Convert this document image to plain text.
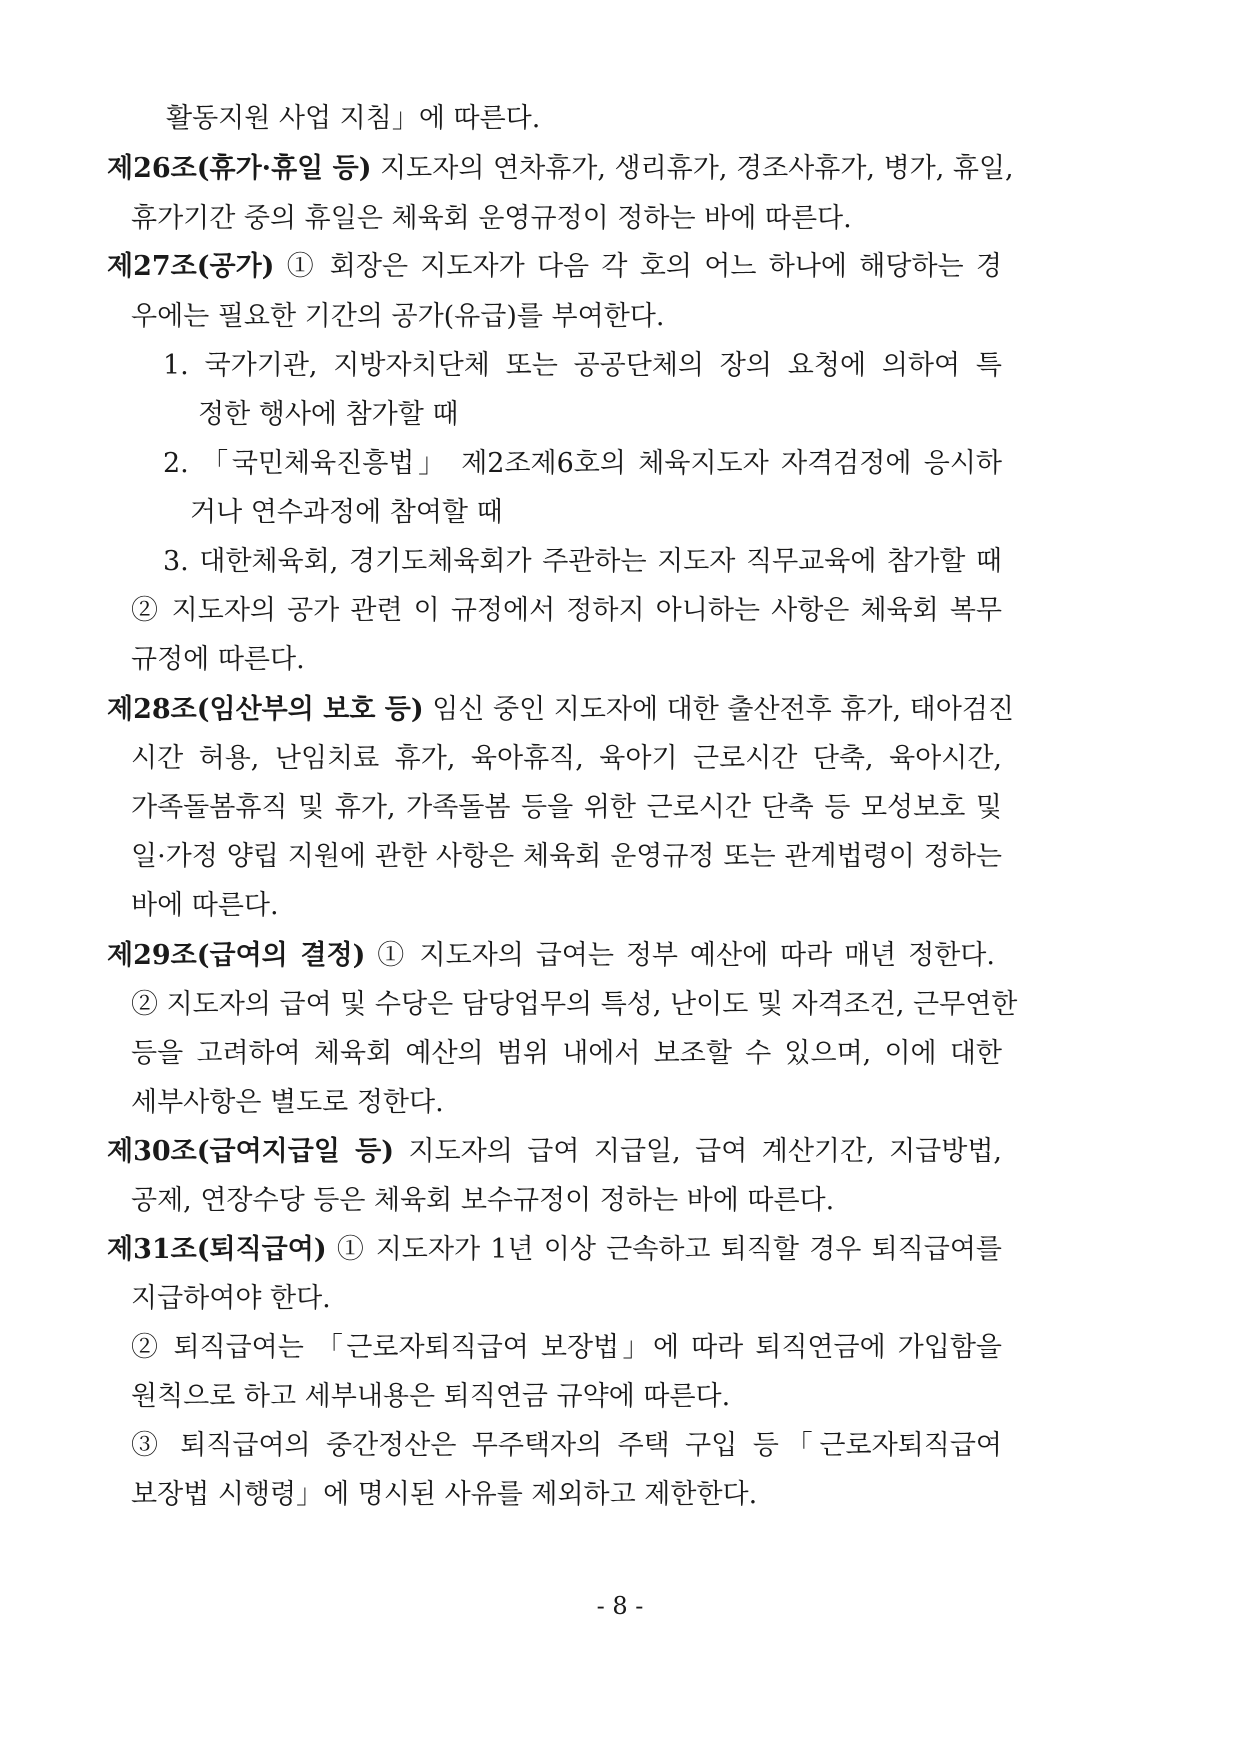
활동지원 사업 지침」에 따른다.
제26조(휴가·휴일 등) 지도자의 연차휴가, 생리휴가, 경조사휴가, 병가, 휴일,
휴가기간 중의 휴일은 체육회 운영규정이 정하는 바에 따른다.
제27조(공가) ① 회장은 지도자가 다음 각 호의 어느 하나에 해당하는 경
우에는 필요한 기간의 공가(유급)를 부여한다.
1. 국가기관, 지방자치단체 또는 공공단체의 장의 요청에 의하여 특
정한 행사에 참가할 때
2. 「국민체육진흥법」 제2조제6호의 체육지도자 자격검정에 응시하
거나 연수과정에 참여할 때
3. 대한체육회, 경기도체육회가 주관하는 지도자 직무교육에 참가할 때
② 지도자의 공가 관련 이 규정에서 정하지 아니하는 사항은 체육회 복무
규정에 따른다.
제28조(임산부의 보호 등) 임신 중인 지도자에 대한 출산전후 휴가, 태아검진
시간 허용, 난임치료 휴가, 육아휴직, 육아기 근로시간 단축, 육아시간,
가족돌봄휴직 및 휴가, 가족돌봄 등을 위한 근로시간 단축 등 모성보호 및
일·가정 양립 지원에 관한 사항은 체육회 운영규정 또는 관계법령이 정하는
바에 따른다.
제29조(급여의 결정) ① 지도자의 급여는 정부 예산에 따라 매년 정한다.
② 지도자의 급여 및 수당은 담당업무의 특성, 난이도 및 자격조건, 근무연한
등을 고려하여 체육회 예산의 범위 내에서 보조할 수 있으며, 이에 대한
세부사항은 별도로 정한다.
제30조(급여지급일 등) 지도자의 급여 지급일, 급여 계산기간, 지급방법,
공제, 연장수당 등은 체육회 보수규정이 정하는 바에 따른다.
제31조(퇴직급여) ① 지도자가 1년 이상 근속하고 퇴직할 경우 퇴직급여를
지급하여야 한다.
② 퇴직급여는 「근로자퇴직급여 보장법」에 따라 퇴직연금에 가입함을
원칙으로 하고 세부내용은 퇴직연금 규약에 따른다.
③ 퇴직급여의 중간정산은 무주택자의 주택 구입 등「근로자퇴직급여
보장법 시행령」에 명시된 사유를 제외하고 제한한다.
- 8 -
